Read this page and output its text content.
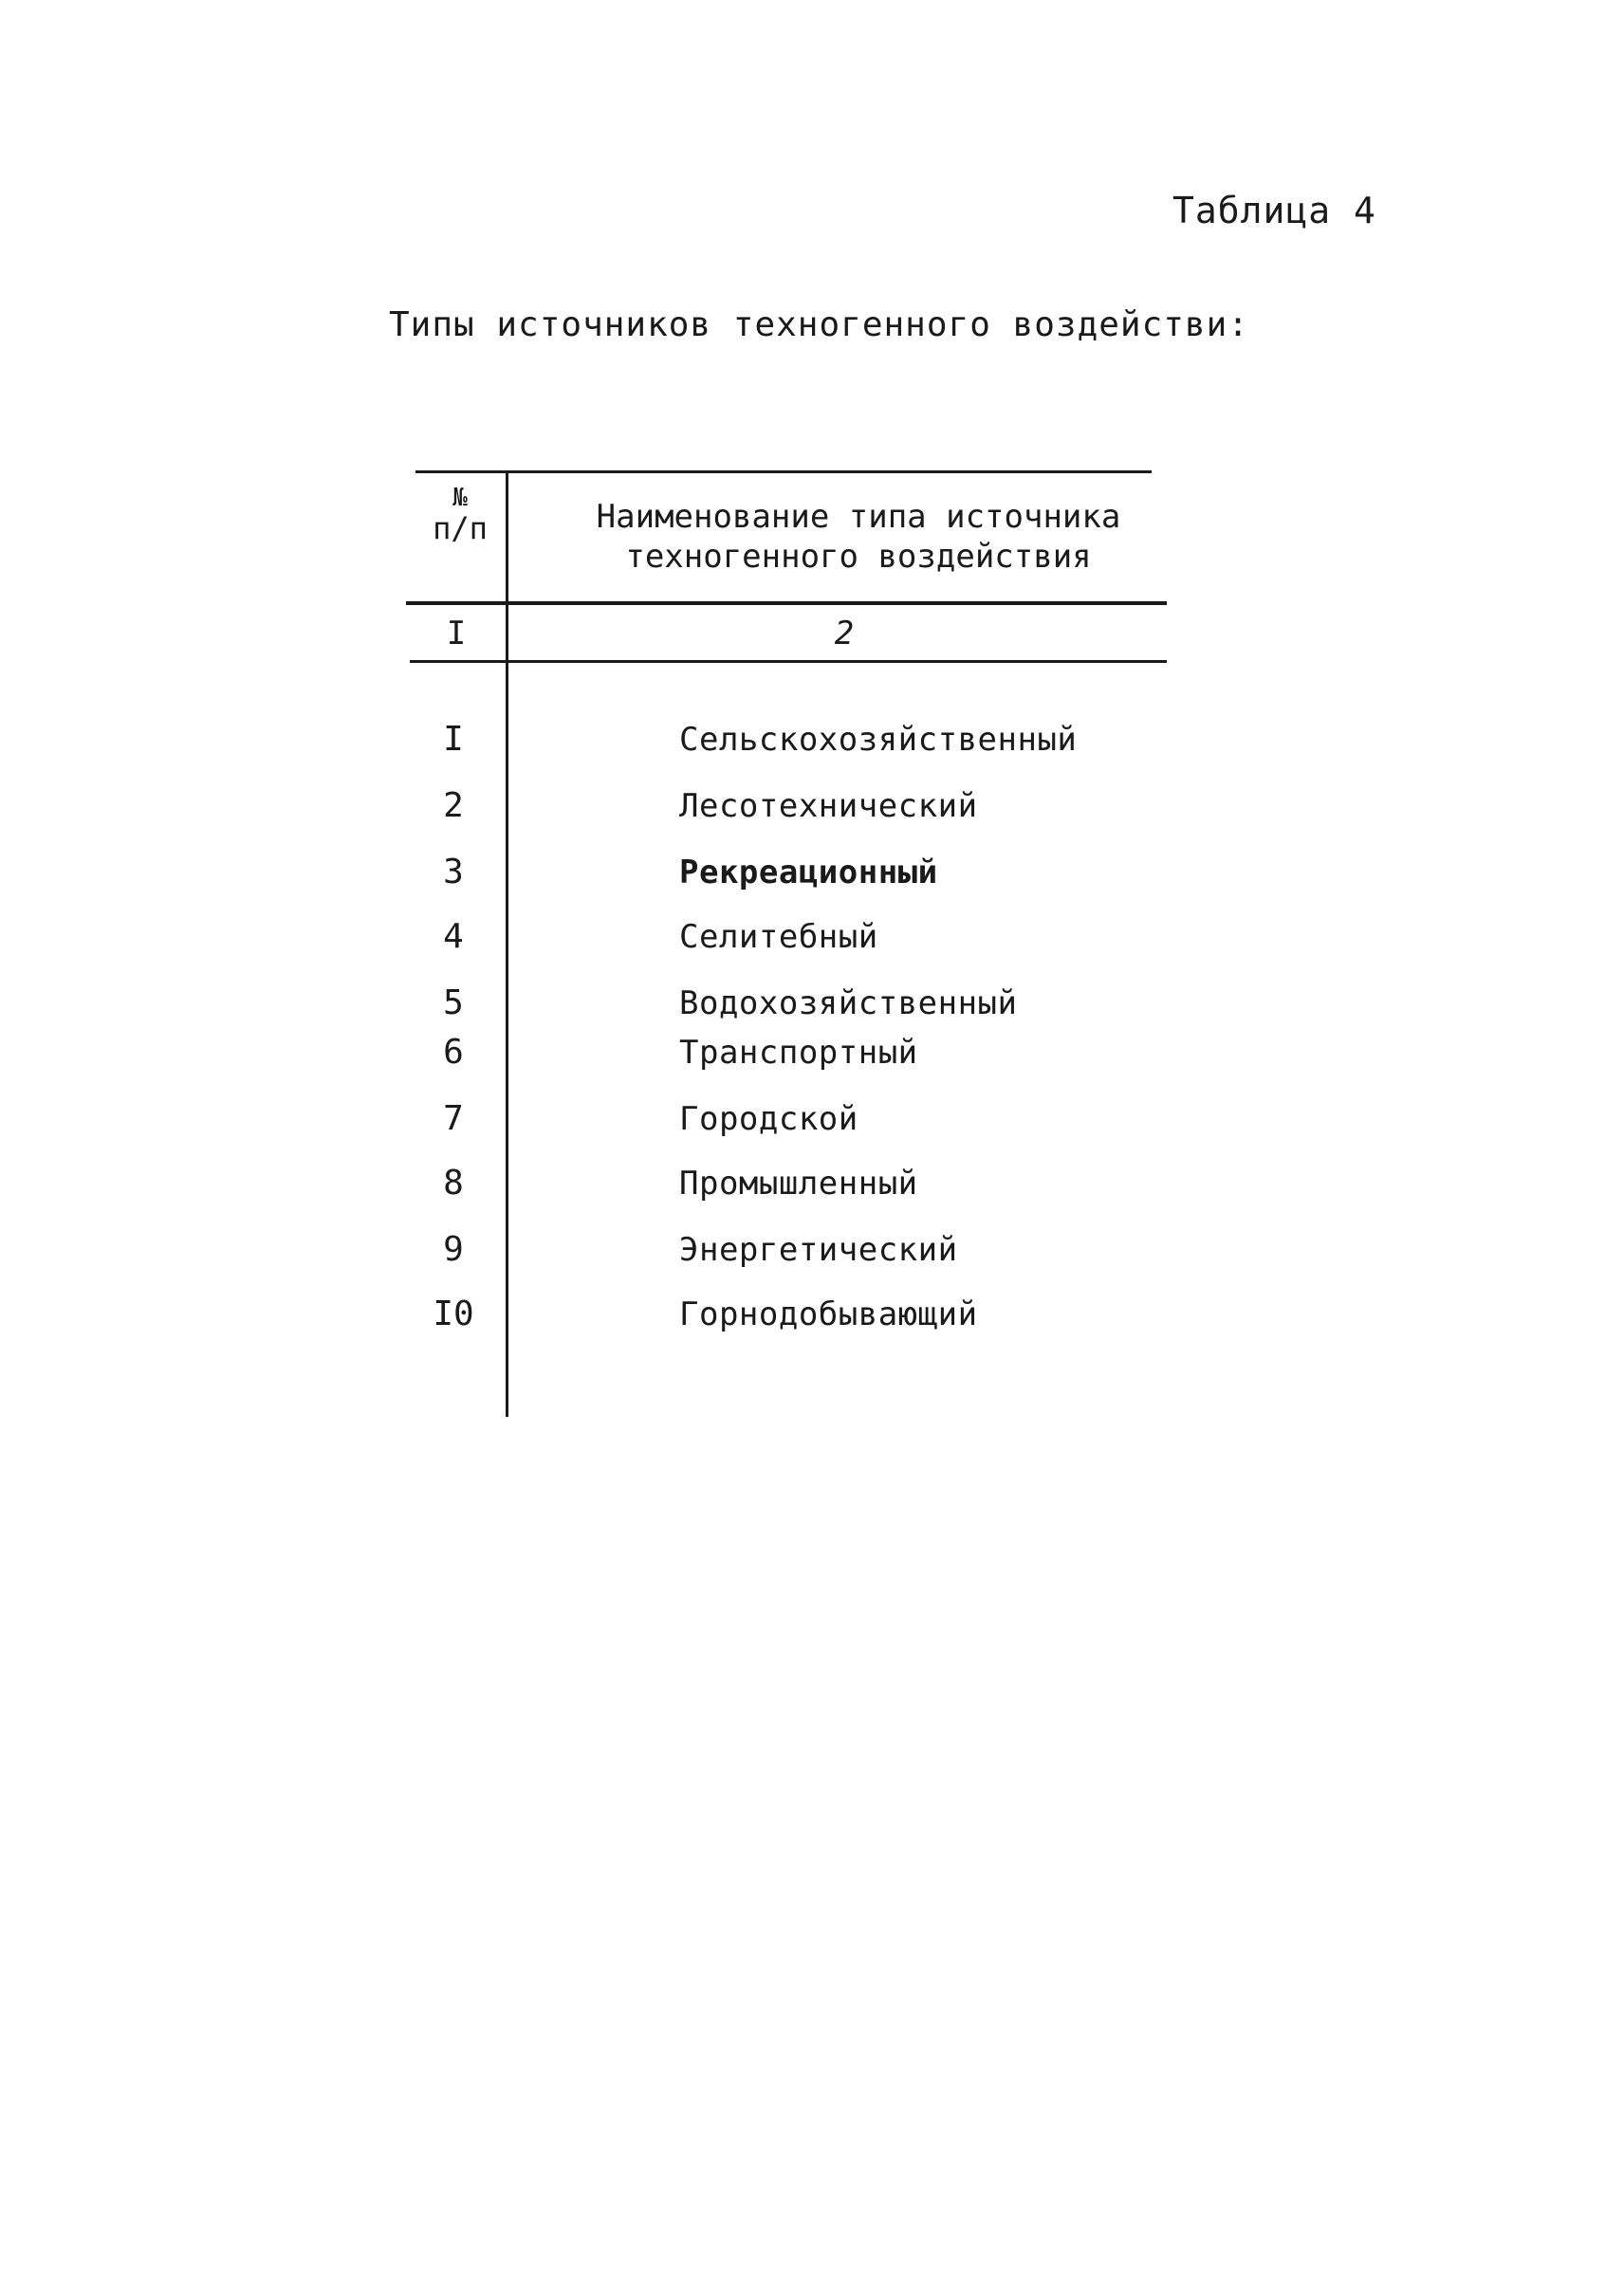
Таблица 4
Типы источников техногенного воздействи:
№
п/п	Наименование типа источника
техногенного воздействия
I	2
I	Сельскохозяйственный
2	Лесотехнический
3	Рекреационный
4	Селитебный
5	Водохозяйственный
6	Транспортный
7	Городской
8	Промышленный
9	Энергетический
I0	Горнодобывающий
